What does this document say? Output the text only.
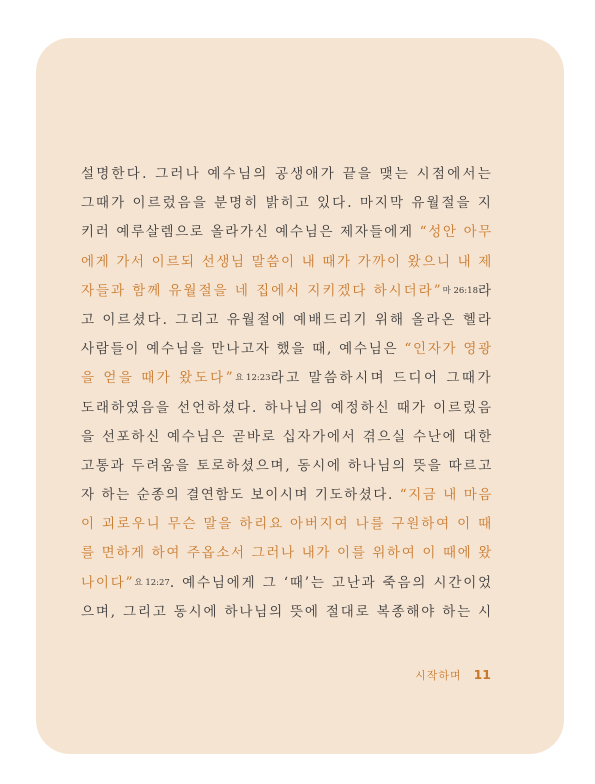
설명한다. 그러나 예수님의 공생애가 끝을 맺는 시점에서는
그때가 이르렀음을 분명히 밝히고 있다. 마지막 유월절을 지
키러 예루살렘으로 올라가신 예수님은 제자들에게 “성안 아무
에게 가서 이르되 선생님 말씀이 내 때가 가까이 왔으니 내 제
자들과 함께 유월절을 네 집에서 지키겠다 하시더라” 마 26:18 라
고 이르셨다. 그리고 유월절에 예배드리기 위해 올라온 헬라
사람들이 예수님을 만나고자 했을 때, 예수님은 “인자가 영광
을 얻을 때가 왔도다” 요 12:23 라고 말씀하시며 드디어 그때가
도래하였음을 선언하셨다. 하나님의 예정하신 때가 이르렀음
을 선포하신 예수님은 곧바로 십자가에서 겪으실 수난에 대한
고통과 두려움을 토로하셨으며, 동시에 하나님의 뜻을 따르고
자 하는 순종의 결연함도 보이시며 기도하셨다. “지금 내 마음
이 괴로우니 무슨 말을 하리요 아버지여 나를 구원하여 이 때
를 면하게 하여 주옵소서 그러나 내가 이를 위하여 이 때에 왔
나이다” 요 12:27 . 예수님에게 그 ‘때’는 고난과 죽음의 시간이었
으며, 그리고 동시에 하나님의 뜻에 절대로 복종해야 하는 시
시작하며 11
